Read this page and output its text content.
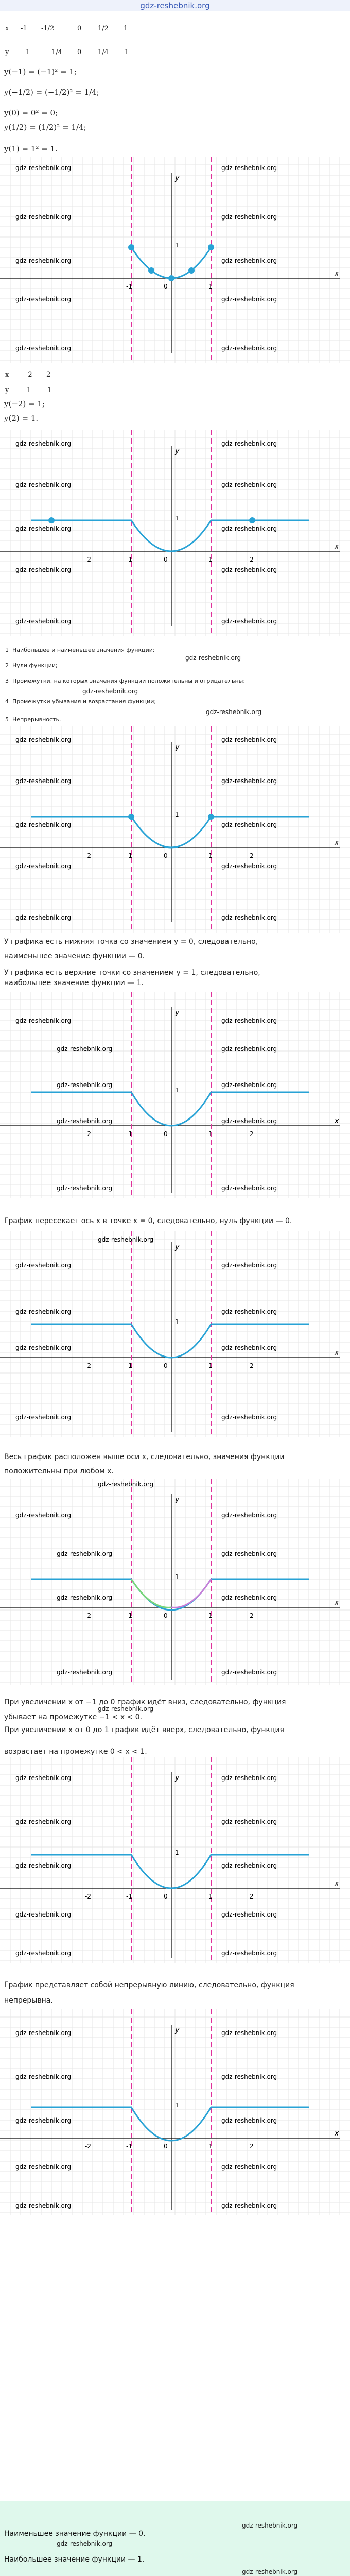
gdz-reshebnik.org
x -1 -1/2	0 1/2 1
y	1	1/4 0 1/4 1
y(−1) = (−1)² = 1;
y(−1/2) = (−1/2)² = 1/4;
y(0) = 0² = 0;
y(1/2) = (1/2)² = 1/4;
y(1) = 1² = 1.
x
y
-1	0	1
1
gdz-reshebnik.org	gdz-reshebnik.org
gdz-reshebnik.org	gdz-reshebnik.org
gdz-reshebnik.org	gdz-reshebnik.org
gdz-reshebnik.org	gdz-reshebnik.org
gdz-reshebnik.org	gdz-reshebnik.org
x	-2 2
y	1 1
y(−2) = 1;
y(2) = 1.
x
y
-2	-1	0	1	2
1
gdz-reshebnik.org	gdz-reshebnik.org
gdz-reshebnik.org	gdz-reshebnik.org
gdz-reshebnik.org	gdz-reshebnik.org
gdz-reshebnik.org	gdz-reshebnik.org
gdz-reshebnik.org	gdz-reshebnik.org
1  Наибольшее и наименьшее значения функции;
2  Нули функции;
3  Промежутки, на которых значения функции положительны и отрицательны;
4  Промежутки убывания и возрастания функции;
5  Непрерывность.
gdz-reshebnik.org
gdz-reshebnik.org
gdz-reshebnik.org
x
y
-2	-1	0	1	2
1
gdz-reshebnik.org	gdz-reshebnik.org
gdz-reshebnik.org	gdz-reshebnik.org
gdz-reshebnik.org	gdz-reshebnik.org
gdz-reshebnik.org	gdz-reshebnik.org
gdz-reshebnik.org	gdz-reshebnik.org
У графика есть нижняя точка со значением y = 0, следовательно,
наименьшее значение функции — 0.
У графика есть верхние точки со значением y = 1, следовательно,
наибольшее значение функции — 1.
x
y
-2	-1	0	1	2
1
gdz-reshebnik.org	gdz-reshebnik.org
gdz-reshebnik.org	gdz-reshebnik.org
gdz-reshebnik.org	gdz-reshebnik.org
gdz-reshebnik.org	gdz-reshebnik.org
gdz-reshebnik.org	gdz-reshebnik.org
График пересекает ось x в точке x = 0, следовательно, нуль функции — 0.
x
y
-2	-1	0	1	2
1
gdz-reshebnik.org
gdz-reshebnik.org	gdz-reshebnik.org
gdz-reshebnik.org	gdz-reshebnik.org
gdz-reshebnik.org	gdz-reshebnik.org
gdz-reshebnik.org	gdz-reshebnik.org
Весь график расположен выше оси x, следовательно, значения функции
положительны при любом x.
x
y
-2	-1	0	1	2
1
gdz-reshebnik.org
gdz-reshebnik.org	gdz-reshebnik.org
gdz-reshebnik.org	gdz-reshebnik.org
gdz-reshebnik.org	gdz-reshebnik.org
gdz-reshebnik.org	gdz-reshebnik.org
При увеличении x от −1 до 0 график идёт вниз, следовательно, функция
убывает на промежутке −1 < x < 0.
При увеличении x от 0 до 1 график идёт вверх, следовательно, функция
возрастает на промежутке 0 < x < 1.
gdz-reshebnik.org
x
y
-2	-1	0	1	2
1
gdz-reshebnik.org	gdz-reshebnik.org
gdz-reshebnik.org	gdz-reshebnik.org
gdz-reshebnik.org	gdz-reshebnik.org
gdz-reshebnik.org	gdz-reshebnik.org
gdz-reshebnik.org	gdz-reshebnik.org
График представляет собой непрерывную линию, следовательно, функция
непрерывна.
x
y
-2	-1	0	1	2
1
gdz-reshebnik.org	gdz-reshebnik.org
gdz-reshebnik.org	gdz-reshebnik.org
gdz-reshebnik.org	gdz-reshebnik.org
gdz-reshebnik.org	gdz-reshebnik.org
gdz-reshebnik.org	gdz-reshebnik.org
Наименьшее значение функции — 0.
Наибольшее значение функции — 1.
gdz-reshebnik.org
gdz-reshebnik.org
gdz-reshebnik.org
